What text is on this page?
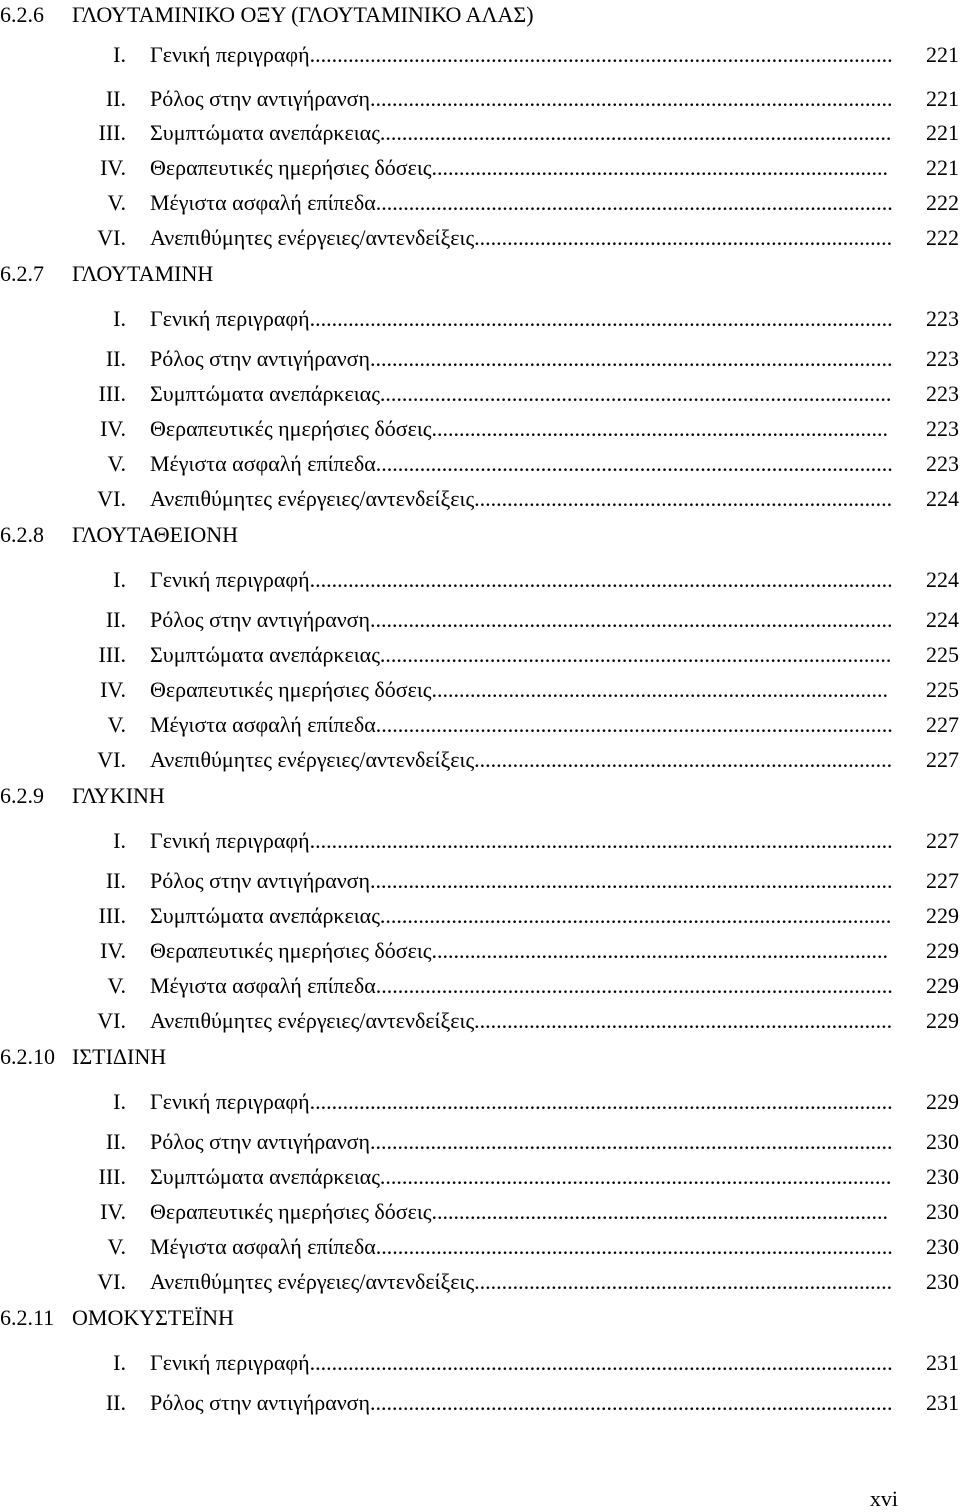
6.2.6 ΓΛΟΥΤΑΜΙΝΙΚΟ ΟΞΥ (ΓΛΟΥΤΑΜΙΝΙΚΟ ΑΛΑΣ)
I. Γενική περιγραφή.......................................................................................................... 221
II. Ρόλος στην αντιγήρανση............................................................................................... 221
III. Συμπτώματα ανεπάρκειας............................................................................................. 221
IV. Θεραπευτικές ημερήσιες δόσεις...................................................................................	221
V. Μέγιστα ασφαλή επίπεδα.............................................................................................. 222
VI. Ανεπιθύμητες ενέργειες/αντενδείξεις............................................................................ 222
6.2.7 ΓΛΟΥΤΑΜΙΝΗ
I. Γενική περιγραφή.......................................................................................................... 223
II. Ρόλος στην αντιγήρανση............................................................................................... 223
III. Συμπτώματα ανεπάρκειας............................................................................................. 223
IV. Θεραπευτικές ημερήσιες δόσεις...................................................................................	223
V. Μέγιστα ασφαλή επίπεδα.............................................................................................. 223
VI. Ανεπιθύμητες ενέργειες/αντενδείξεις............................................................................ 224
6.2.8 ΓΛΟΥΤΑΘΕΙΟΝΗ
I. Γενική περιγραφή.......................................................................................................... 224
II. Ρόλος στην αντιγήρανση............................................................................................... 224
III. Συμπτώματα ανεπάρκειας............................................................................................. 225
IV. Θεραπευτικές ημερήσιες δόσεις...................................................................................	225
V. Μέγιστα ασφαλή επίπεδα.............................................................................................. 227
VI. Ανεπιθύμητες ενέργειες/αντενδείξεις............................................................................ 227
6.2.9 ΓΛΥΚΙΝΗ
I. Γενική περιγραφή.......................................................................................................... 227
II. Ρόλος στην αντιγήρανση............................................................................................... 227
III. Συμπτώματα ανεπάρκειας............................................................................................. 229
IV. Θεραπευτικές ημερήσιες δόσεις...................................................................................	229
V. Μέγιστα ασφαλή επίπεδα.............................................................................................. 229
VI. Ανεπιθύμητες ενέργειες/αντενδείξεις............................................................................ 229
6.2.10 ΙΣΤΙΔΙΝΗ
I. Γενική περιγραφή.......................................................................................................... 229
II. Ρόλος στην αντιγήρανση............................................................................................... 230
III. Συμπτώματα ανεπάρκειας............................................................................................. 230
IV. Θεραπευτικές ημερήσιες δόσεις...................................................................................	230
V. Μέγιστα ασφαλή επίπεδα.............................................................................................. 230
VI. Ανεπιθύμητες ενέργειες/αντενδείξεις............................................................................ 230
6.2.11 ΟΜΟΚΥΣΤΕΪΝΗ
I. Γενική περιγραφή.......................................................................................................... 231
II. Ρόλος στην αντιγήρανση............................................................................................... 231
xvi
